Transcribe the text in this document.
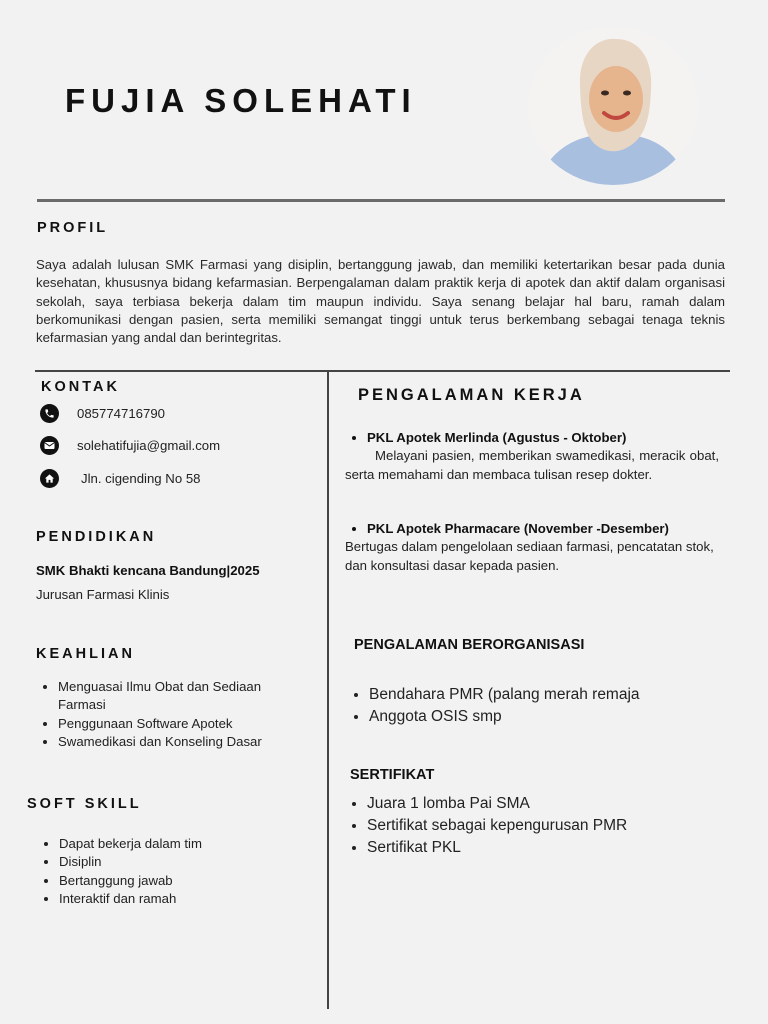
FUJIA SOLEHATI
PROFIL
Saya adalah lulusan SMK Farmasi yang disiplin, bertanggung jawab, dan memiliki ketertarikan besar pada dunia kesehatan, khususnya bidang kefarmasian. Berpengalaman dalam praktik kerja di apotek dan aktif dalam organisasi sekolah, saya terbiasa bekerja dalam tim maupun individu. Saya senang belajar hal baru, ramah dalam berkomunikasi dengan pasien, serta memiliki semangat tinggi untuk terus berkembang sebagai tenaga teknis kefarmasian yang andal dan berintegritas.
KONTAK
085774716790
solehatifujia@gmail.com
Jln. cigending No 58
PENDIDIKAN
SMK Bhakti kencana Bandung|2025
Jurusan Farmasi Klinis
KEAHLIAN
• Menguasai Ilmu Obat dan Sediaan Farmasi
• Penggunaan Software Apotek
• Swamedikasi dan Konseling Dasar
SOFT SKILL
• Dapat bekerja dalam tim
• Disiplin
• Bertanggung jawab
• Interaktif dan ramah
PENGALAMAN KERJA
• PKL Apotek Merlinda (Agustus - Oktober)
Melayani pasien, memberikan swamedikasi, meracik obat, serta memahami dan membaca tulisan resep dokter.
• PKL Apotek Pharmacare (November -Desember)
Bertugas dalam pengelolaan sediaan farmasi, pencatatan stok, dan konsultasi dasar kepada pasien.
PENGALAMAN BERORGANISASI
• Bendahara PMR (palang merah remaja
• Anggota OSIS smp
SERTIFIKAT
• Juara 1 lomba Pai SMA
• Sertifikat sebagai kepengurusan PMR
• Sertifikat PKL
